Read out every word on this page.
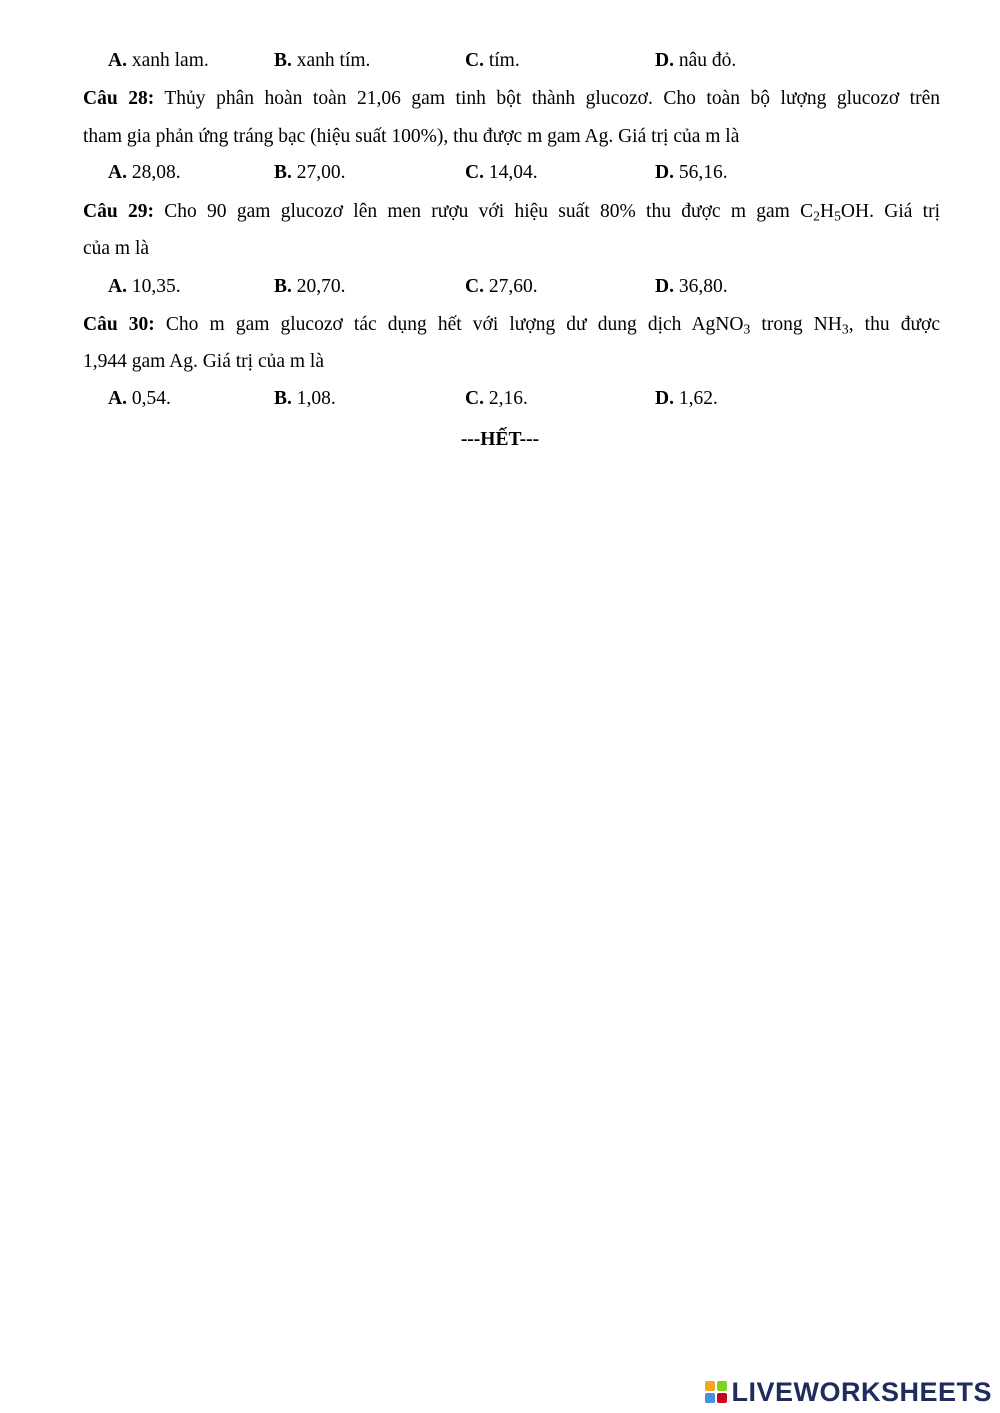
A. xanh lam.	B. xanh tím.	C. tím.	D. nâu đỏ.
Câu 28: Thủy phân hoàn toàn 21,06 gam tinh bột thành glucozơ. Cho toàn bộ lượng glucozơ trên
tham gia phản ứng tráng bạc (hiệu suất 100%), thu được m gam Ag. Giá trị của m là
A. 28,08.	B. 27,00.	C. 14,04.	D. 56,16.
Câu 29: Cho 90 gam glucozơ lên men rượu với hiệu suất 80% thu được m gam $C_2H_5OH$. Giá trị
của m là
A. 10,35.	B. 20,70.	C. 27,60.	D. 36,80.
Câu 30: Cho m gam glucozơ tác dụng hết với lượng dư dung dịch AgNO$_3$ trong $NH_3$, thu được
1,944 gam Ag. Giá trị của m là
A. 0,54.	B. 1,08.	C. 2,16.	D. 1,62.
---HẾT---
LIVEWORKSHEETS
